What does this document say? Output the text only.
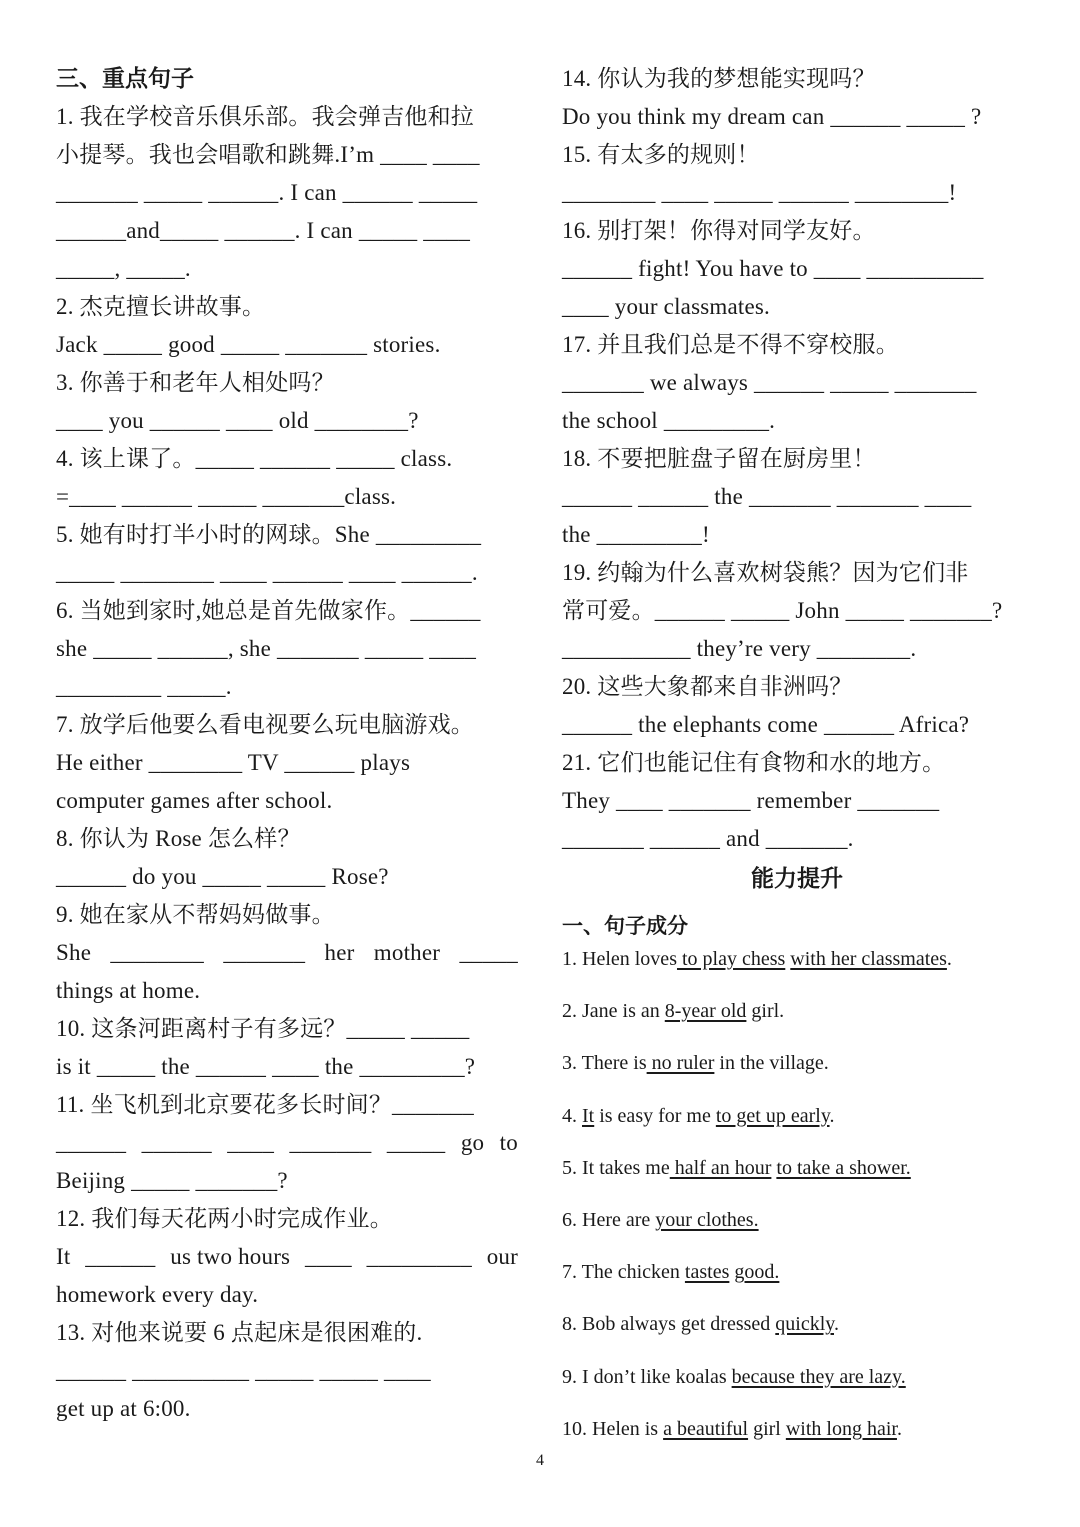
三、重点句子
1. 我在学校音乐俱乐部。我会弹吉他和拉
小提琴。我也会唱歌和跳舞.I’m ____ ____
_______ _____ ______. I can ______ _____
______and_____ ______. I can _____ ____
_____, _____.
2. 杰克擅长讲故事。
Jack _____ good _____ _______ stories.
3. 你善于和老年人相处吗？
____ you ______ ____ old ________?
4. 该上课了。_____ ______ _____ class.
=____ ______ _____ _______class.
5. 她有时打半小时的网球。She _________
_____ ________ ____ ______ ____ ______.
6. 当她到家时,她总是首先做家作。______
she _____ ______, she _______ _____ ____
_________ _____.
7. 放学后他要么看电视要么玩电脑游戏。
He either ________ TV ______ plays
computer games after school.
8. 你认为 Rose 怎么样？
______ do you _____ _____ Rose?
9. 她在家从不帮妈妈做事。
She ________ _______ her mother _____
things at home.
10. 这条河距离村子有多远？_____ _____
is it _____ the ______ ____ the _________?
11. 坐飞机到北京要花多长时间？_______
______ ______ ____ _______ _____ go to
Beijing _____ _______?
12. 我们每天花两小时完成作业。
It ______ us two hours ____ _________ our
homework every day.
13. 对他来说要 6 点起床是很困难的.
______ __________ _____ _____ ____
get up at 6:00.
14. 你认为我的梦想能实现吗？
Do you think my dream can ______ _____ ?
15. 有太多的规则！
________ ____ _____ ______ ________!
16. 别打架！你得对同学友好。
______ fight! You have to ____ __________
____ your classmates.
17. 并且我们总是不得不穿校服。
_______ we always ______ _____ _______
the school _________.
18. 不要把脏盘子留在厨房里！
______ ______ the _______ _______ ____
the _________!
19. 约翰为什么喜欢树袋熊？因为它们非
常可爱。______ _____ John _____ _______?
___________ they’re very ________.
20. 这些大象都来自非洲吗？
______ the elephants come ______ Africa?
21. 它们也能记住有食物和水的地方。
They ____ _______ remember _______
_______ ______ and _______.
能力提升
一、句子成分
1. Helen loves to play chess with her classmates.
2. Jane is an 8-year old girl.
3. There is no ruler in the village.
4. It is easy for me to get up early.
5. It takes me half an hour to take a shower.
6. Here are your clothes.
7. The chicken tastes good.
8. Bob always get dressed quickly.
9. I don’t like koalas because they are lazy.
10. Helen is a beautiful girl with long hair.
4
